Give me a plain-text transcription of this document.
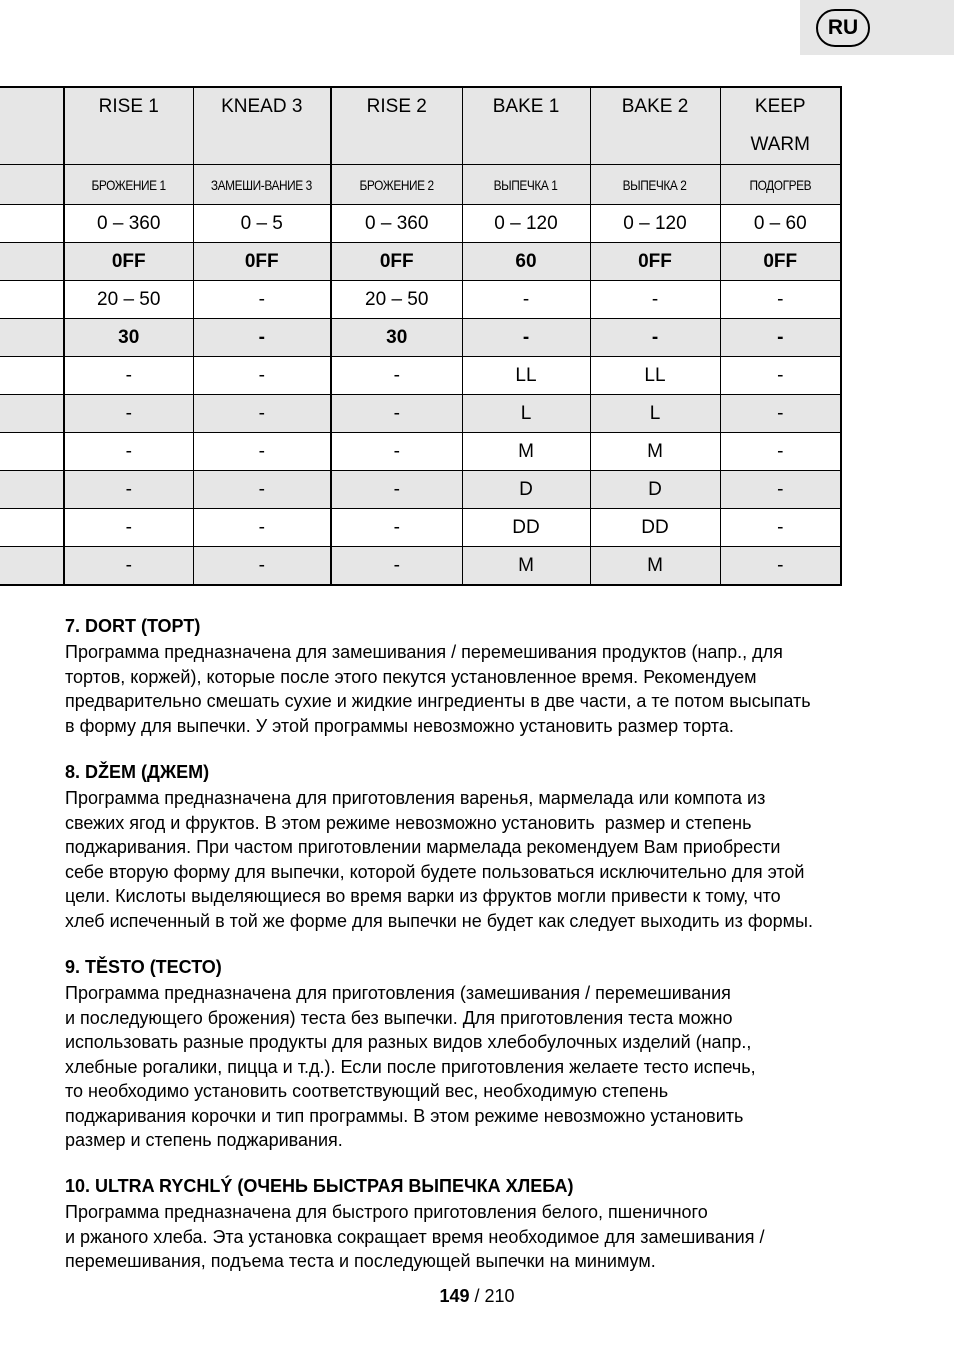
RU
	RISE 1	KNEAD 3	RISE 2	BAKE 1	BAKE 2	KEEP
WARM
	БРОЖЕНИЕ 1	ЗАМЕШИ-ВАНИЕ 3	БРОЖЕНИЕ 2	ВЫПЕЧКА 1	ВЫПЕЧКА 2	ПОДОГРЕВ
	0 – 360	0 – 5	0 – 360	0 – 120	0 – 120	0 – 60
	0FF	0FF	0FF	60	0FF	0FF
	20 – 50	-	20 – 50	-	-	-
	30	-	30	-	-	-
	-	-	-	LL	LL	-
	-	-	-	L	L	-
	-	-	-	M	M	-
	-	-	-	D	D	-
	-	-	-	DD	DD	-
	-	-	-	M	M	-
7. DORT (ТОРТ)
Программа предназначена для замешивания / перемешивания продуктов (напр., для
тортов, коржей), которые после этого пекутся установленное время. Рекомендуем
предварительно смешать сухие и жидкие ингредиенты в две части, а те потом высыпать
в форму для выпечки. У этой программы невозможно установить размер торта.
8. DŽEM (ДЖЕМ)
Программа предназначена для приготовления варенья, мармелада или компота из
свежих ягод и фруктов. В этом режиме невозможно установить  размер и степень
поджаривания. При частом приготовлении мармелада рекомендуем Вам приобрести
себе вторую форму для выпечки, которой будете пользоваться исключительно для этой
цели. Кислоты выделяющиеся во время варки из фруктов могли привести к тому, что
хлеб испеченный в той же форме для выпечки не будет как следует выходить из формы.
9. TĚSTO (ТЕСТО)
Программа предназначена для приготовления (замешивания / перемешивания
и последующего брожения) теста без выпечки. Для приготовления теста можно
использовать разные продукты для разных видов хлебобулочных изделий (напр.,
хлебные рогалики, пицца и т.д.). Если после приготовления желаете тесто испечь,
то необходимо установить соответствующий вес, необходимую степень
поджаривания корочки и тип программы. В этом режиме невозможно установить
размер и степень поджаривания.
10. ULTRA RYCHLÝ (ОЧЕНЬ БЫСТРАЯ ВЫПЕЧКА ХЛЕБА)
Программа предназначена для быстрого приготовления белого, пшеничного
и ржаного хлеба. Эта установка сокращает время необходимое для замешивания /
перемешивания, подъема теста и последующей выпечки на минимум.
149 / 210
